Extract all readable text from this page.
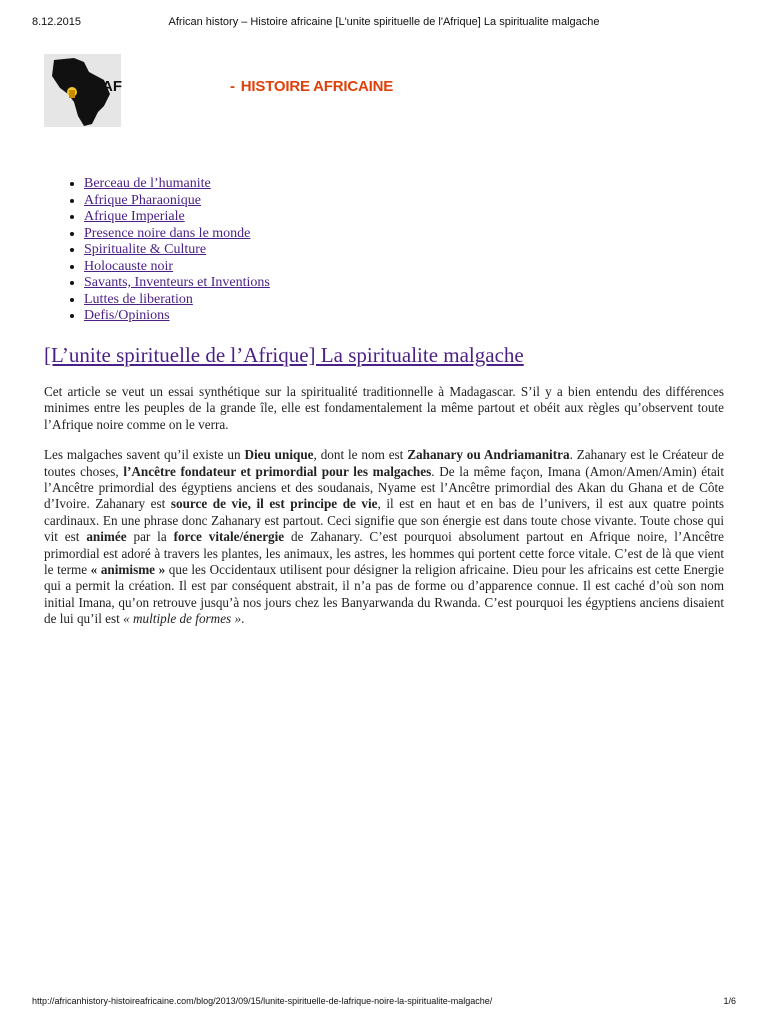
8.12.2015	African history – Histoire africaine [L'unite spirituelle de l'Afrique] La spiritualite malgache
AF	- HISTOIRE AFRICAINE
• Berceau de l’humanite
• Afrique Pharaonique
• Afrique Imperiale
• Presence noire dans le monde
• Spiritualite & Culture
• Holocauste noir
• Savants, Inventeurs et Inventions
• Luttes de liberation
• Defis/Opinions
[L’unite spirituelle de l’Afrique] La spiritualite malgache

Cet article se veut un essai synthétique sur la spiritualité traditionnelle à Madagascar. S’il y a bien entendu des différences minimes entre les peuples de la grande île, elle est fondamentalement la même partout et obéit aux règles qu’observent toute l’Afrique noire comme on le verra.

Les malgaches savent qu’il existe un Dieu unique, dont le nom est Zahanary ou Andriamanitra. Zahanary est le Créateur de toutes choses, l’Ancêtre fondateur et primordial pour les malgaches. De la même façon, Imana (Amon/Amen/Amin) était l’Ancêtre primordial des égyptiens anciens et des soudanais, Nyame est l’Ancêtre primordial des Akan du Ghana et de Côte d’Ivoire. Zahanary est source de vie, il est principe de vie, il est en haut et en bas de l’univers, il est aux quatre points cardinaux. En une phrase donc Zahanary est partout. Ceci signifie que son énergie est dans toute chose vivante. Toute chose qui vit est animée par la force vitale/énergie de Zahanary. C’est pourquoi absolument partout en Afrique noire, l’Ancêtre primordial est adoré à travers les plantes, les animaux, les astres, les hommes qui portent cette force vitale. C’est de là que vient le terme « animisme » que les Occidentaux utilisent pour désigner la religion africaine. Dieu pour les africains est cette Energie qui a permit la création. Il est par conséquent abstrait, il n’a pas de forme ou d’apparence connue. Il est caché d’où son nom initial Imana, qu’on retrouve jusqu’à nos jours chez les Banyarwanda du Rwanda. C’est pourquoi les égyptiens anciens disaient de lui qu’il est « multiple de formes ».

http://africanhistory-histoireafricaine.com/blog/2013/09/15/lunite-spirituelle-de-lafrique-noire-la-spiritualite-malgache/	1/6
